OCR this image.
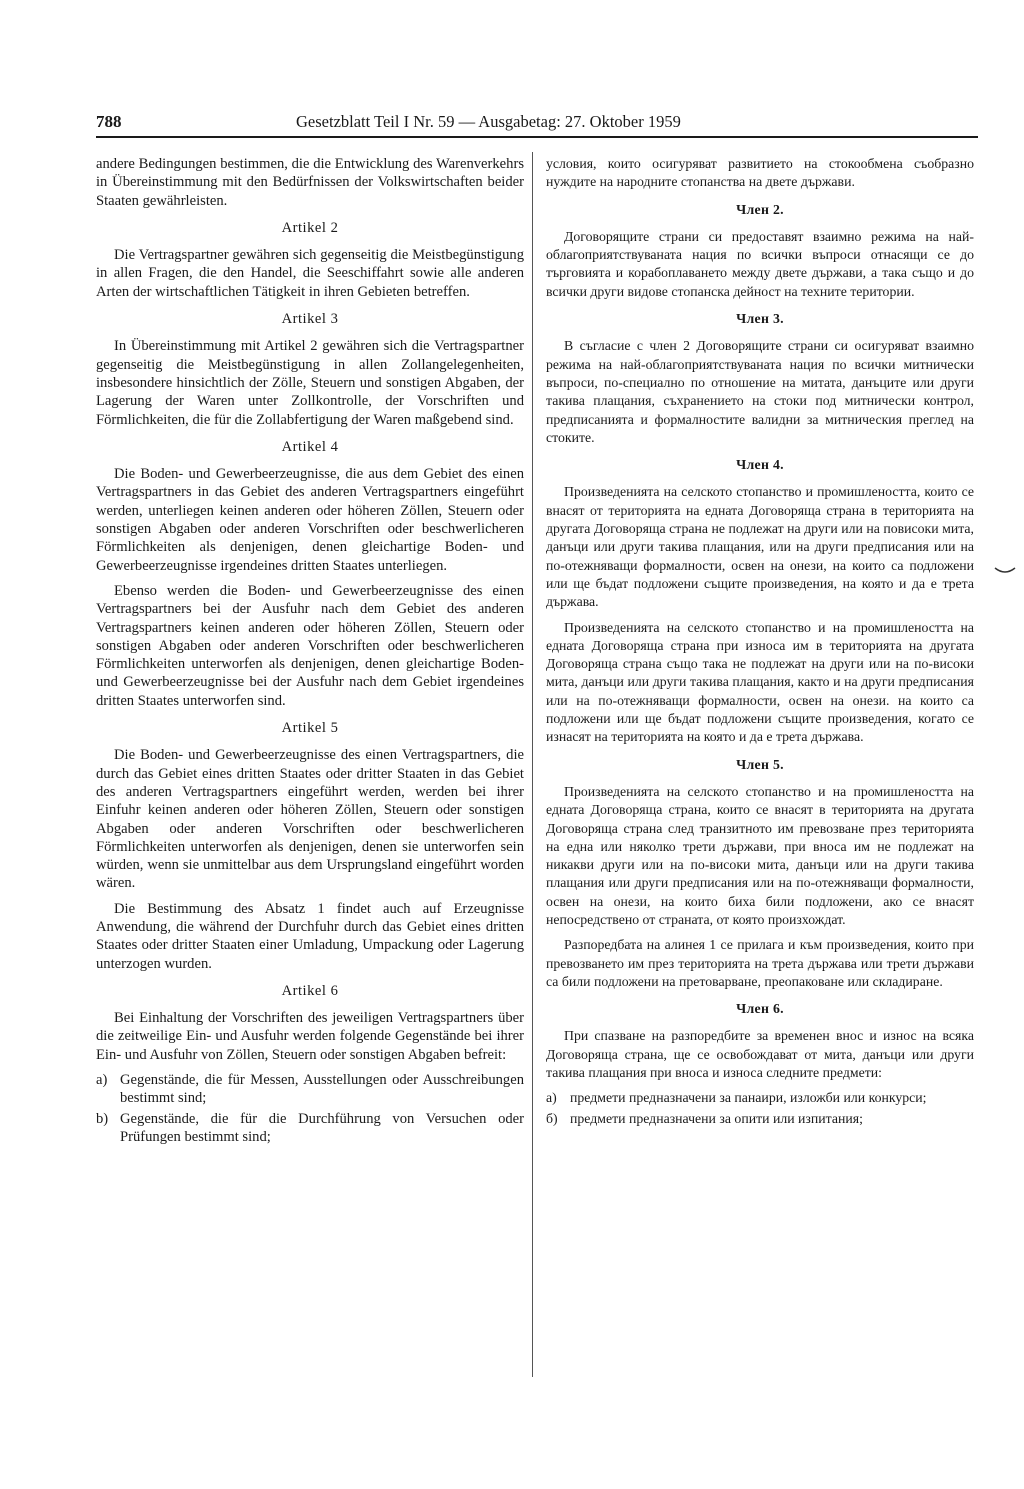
788	Gesetzblatt Teil I Nr. 59 — Ausgabetag: 27. Oktober 1959

andere Bedingungen bestimmen, die die Entwicklung des Warenverkehrs in Übereinstimmung mit den Bedürfnissen der Volkswirtschaften beider Staaten gewährleisten.

Artikel 2

Die Vertragspartner gewähren sich gegenseitig die Meistbegünstigung in allen Fragen, die den Handel, die Seeschiffahrt sowie alle anderen Arten der wirtschaftlichen Tätigkeit in ihren Gebieten betreffen.

Artikel 3

In Übereinstimmung mit Artikel 2 gewähren sich die Vertragspartner gegenseitig die Meistbegünstigung in allen Zollangelegenheiten, insbesondere hinsichtlich der Zölle, Steuern und sonstigen Abgaben, der Lagerung der Waren unter Zollkontrolle, der Vorschriften und Förmlichkeiten, die für die Zollabfertigung der Waren maßgebend sind.

Artikel 4

Die Boden- und Gewerbeerzeugnisse, die aus dem Gebiet des einen Vertragspartners in das Gebiet des anderen Vertragspartners eingeführt werden, unterliegen keinen anderen oder höheren Zöllen, Steuern oder sonstigen Abgaben oder anderen Vorschriften oder beschwerlicheren Förmlichkeiten als denjenigen, denen gleichartige Boden- und Gewerbeerzeugnisse irgendeines dritten Staates unterliegen.

Ebenso werden die Boden- und Gewerbeerzeugnisse des einen Vertragspartners bei der Ausfuhr nach dem Gebiet des anderen Vertragspartners keinen anderen oder höheren Zöllen, Steuern oder sonstigen Abgaben oder anderen Vorschriften oder beschwerlicheren Förmlichkeiten unterworfen als denjenigen, denen gleichartige Boden- und Gewerbeerzeugnisse bei der Ausfuhr nach dem Gebiet irgendeines dritten Staates unterworfen sind.

Artikel 5

Die Boden- und Gewerbeerzeugnisse des einen Vertragspartners, die durch das Gebiet eines dritten Staates oder dritter Staaten in das Gebiet des anderen Vertragspartners eingeführt werden, werden bei ihrer Einfuhr keinen anderen oder höheren Zöllen, Steuern oder sonstigen Abgaben oder anderen Vorschriften oder beschwerlicheren Förmlichkeiten unterworfen als denjenigen, denen sie unterworfen sein würden, wenn sie unmittelbar aus dem Ursprungsland eingeführt worden wären.

Die Bestimmung des Absatz 1 findet auch auf Erzeugnisse Anwendung, die während der Durchfuhr durch das Gebiet eines dritten Staates oder dritter Staaten einer Umladung, Umpackung oder Lagerung unterzogen wurden.

Artikel 6

Bei Einhaltung der Vorschriften des jeweiligen Vertragspartners über die zeitweilige Ein- und Ausfuhr werden folgende Gegenstände bei ihrer Ein- und Ausfuhr von Zöllen, Steuern oder sonstigen Abgaben befreit:

a) Gegenstände, die für Messen, Ausstellungen oder Ausschreibungen bestimmt sind;
b) Gegenstände, die für die Durchführung von Versuchen oder Prüfungen bestimmt sind;

условия, които осигуряват развитието на стокообмена съобразно нуждите на народните стопанства на двете държави.

Член 2.

Договорящите страни си предоставят взаимно режима на най-облагоприятствуваната нация по всички въпроси отнасящи се до търговията и корабоплаването между двете държави, а така също и до всички други видове стопанска дейност на техните територии.

Член 3.

В съгласие с член 2 Договорящите страни си осигуряват взаимно режима на най-облагоприятствуваната нация по всички митнически въпроси, по-специално по отношение на митата, данъците или други такива плащания, съхранението на стоки под митнически контрол, предписанията и формалностите валидни за митническия преглед на стоките.

Член 4.

Произведенията на селското стопанство и промишлеността, които се внасят от територията на едната Договоряща страна в територията на другата Договоряща страна не подлежат на други или на повисоки мита, данъци или други такива плащания, или на други предписания или на по-отежняващи формалности, освен на онези, на които са подложени или ще бъдат подложени същите произведения, на която и да е трета държава.

Произведенията на селското стопанство и на промишлеността на едната Договоряща страна при износа им в територията на другата Договоряща страна също така не подлежат на други или на по-високи мита, данъци или други такива плащания, както и на други предписания или на по-отежняващи формалности, освен на онези. на които са подложени или ще бъдат подложени същите произведения, когато се изнасят на територията на която и да е трета държава.

Член 5.

Произведенията на селското стопанство и на промишлеността на едната Договоряща страна, които се внасят в територията на другата Договоряща страна след транзитното им превозване през територията на една или няколко трети държави, при вноса им не подлежат на никакви други или на по-високи мита, данъци или на други такива плащания или други предписания или на по-отежняващи формалности, освен на онези, на които биха били подложени, ако се внасят непосредствено от страната, от която произхождат.

Разпоредбата на алинея 1 се прилага и към произведения, които при превозването им през територията на трета държава или трети държави са били подложени на претоварване, преопаковане или складиране.

Член 6.

При спазване на разпоредбите за временен внос и износ на всяка Договоряща страна, ще се освобождават от мита, данъци или други такива плащания при вноса и износа следните предмети:

а) предмети предназначени за панаири, изложби или конкурси;
б) предмети предназначени за опити или изпитания;
